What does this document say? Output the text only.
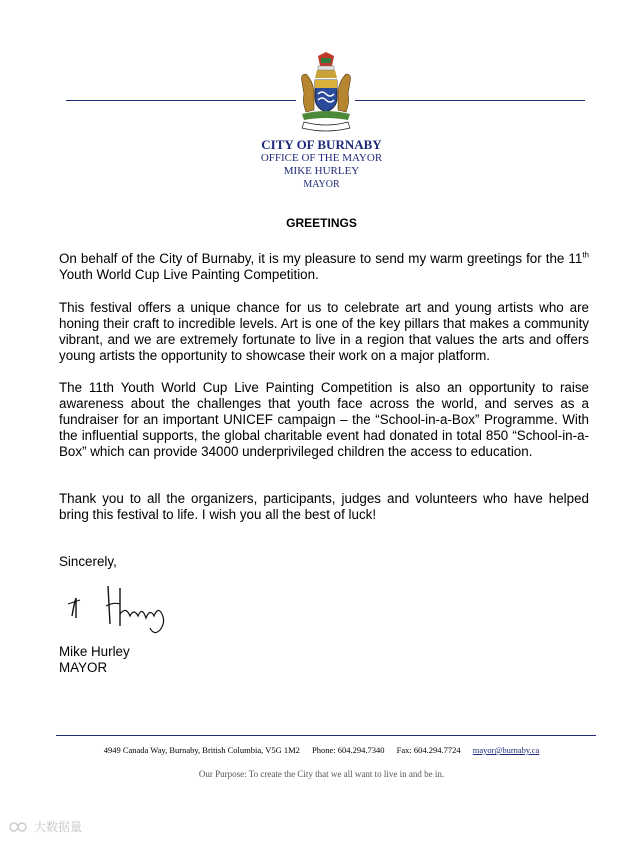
CITY OF BURNABY
OFFICE OF THE MAYOR
MIKE HURLEY
MAYOR
GREETINGS
On behalf of the City of Burnaby, it is my pleasure to send my warm greetings for the 11th Youth World Cup Live Painting Competition.
This festival offers a unique chance for us to celebrate art and young artists who are honing their craft to incredible levels. Art is one of the key pillars that makes a community vibrant, and we are extremely fortunate to live in a region that values the arts and offers young artists the opportunity to showcase their work on a major platform.
The 11th Youth World Cup Live Painting Competition is also an opportunity to raise awareness about the challenges that youth face across the world, and serves as a fundraiser for an important UNICEF campaign – the “School-in-a-Box” Programme. With the influential supports, the global charitable event had donated in total 850 “School-in-a-Box” which can provide 34000 underprivileged children the access to education.
Thank you to all the organizers, participants, judges and volunteers who have helped bring this festival to life. I wish you all the best of luck!
Sincerely,
Mike Hurley
MAYOR
4949 Canada Way, Burnaby, British Columbia, V5G 1M2 Phone: 604.294.7340 Fax: 604.294.7724 mayor@burnaby.ca
Our Purpose: To create the City that we all want to live in and be in.
大数据量
